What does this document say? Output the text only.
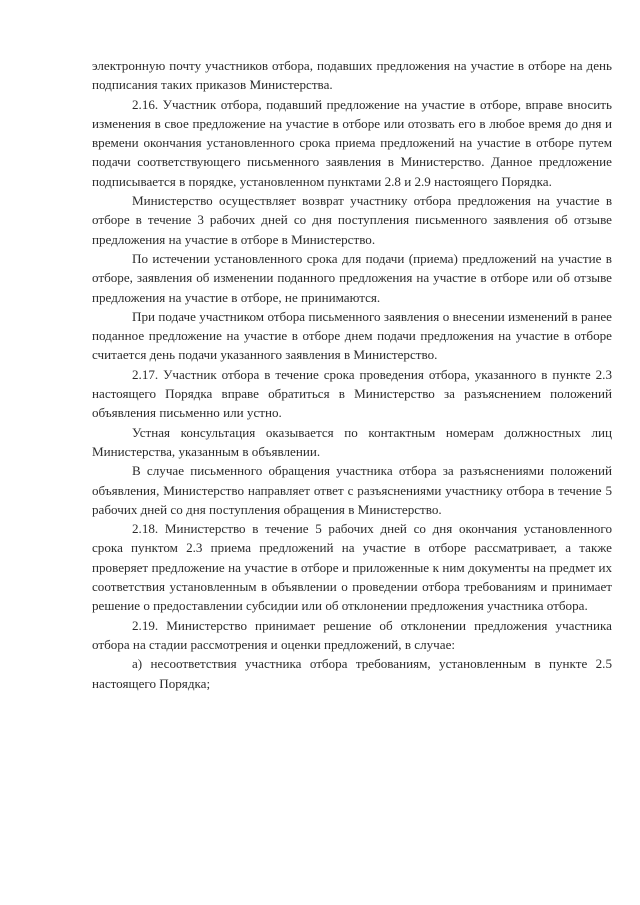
электронную почту участников отбора, подавших предложения на участие в отборе на день подписания таких приказов Министерства.

2.16. Участник отбора, подавший предложение на участие в отборе, вправе вносить изменения в свое предложение на участие в отборе или отозвать его в любое время до дня и времени окончания установленного срока приема предложений на участие в отборе путем подачи соответствующего письменного заявления в Министерство. Данное предложение подписывается в порядке, установленном пунктами 2.8 и 2.9 настоящего Порядка.

Министерство осуществляет возврат участнику отбора предложения на участие в отборе в течение 3 рабочих дней со дня поступления письменного заявления об отзыве предложения на участие в отборе в Министерство.

По истечении установленного срока для подачи (приема) предложений на участие в отборе, заявления об изменении поданного предложения на участие в отборе или об отзыве предложения на участие в отборе, не принимаются.

При подаче участником отбора письменного заявления о внесении изменений в ранее поданное предложение на участие в отборе днем подачи предложения на участие в отборе считается день подачи указанного заявления в Министерство.

2.17. Участник отбора в течение срока проведения отбора, указанного в пункте 2.3 настоящего Порядка вправе обратиться в Министерство за разъяснением положений объявления письменно или устно.

Устная консультация оказывается по контактным номерам должностных лиц Министерства, указанным в объявлении.

В случае письменного обращения участника отбора за разъяснениями положений объявления, Министерство направляет ответ с разъяснениями участнику отбора в течение 5 рабочих дней со дня поступления обращения в Министерство.

2.18. Министерство в течение 5 рабочих дней со дня окончания установленного срока пунктом 2.3 приема предложений на участие в отборе рассматривает, а также проверяет предложение на участие в отборе и приложенные к ним документы на предмет их соответствия установленным в объявлении о проведении отбора требованиям и принимает решение о предоставлении субсидии или об отклонении предложения участника отбора.

2.19. Министерство принимает решение об отклонении предложения участника отбора на стадии рассмотрения и оценки предложений, в случае:

а) несоответствия участника отбора требованиям, установленным в пункте 2.5 настоящего Порядка;
